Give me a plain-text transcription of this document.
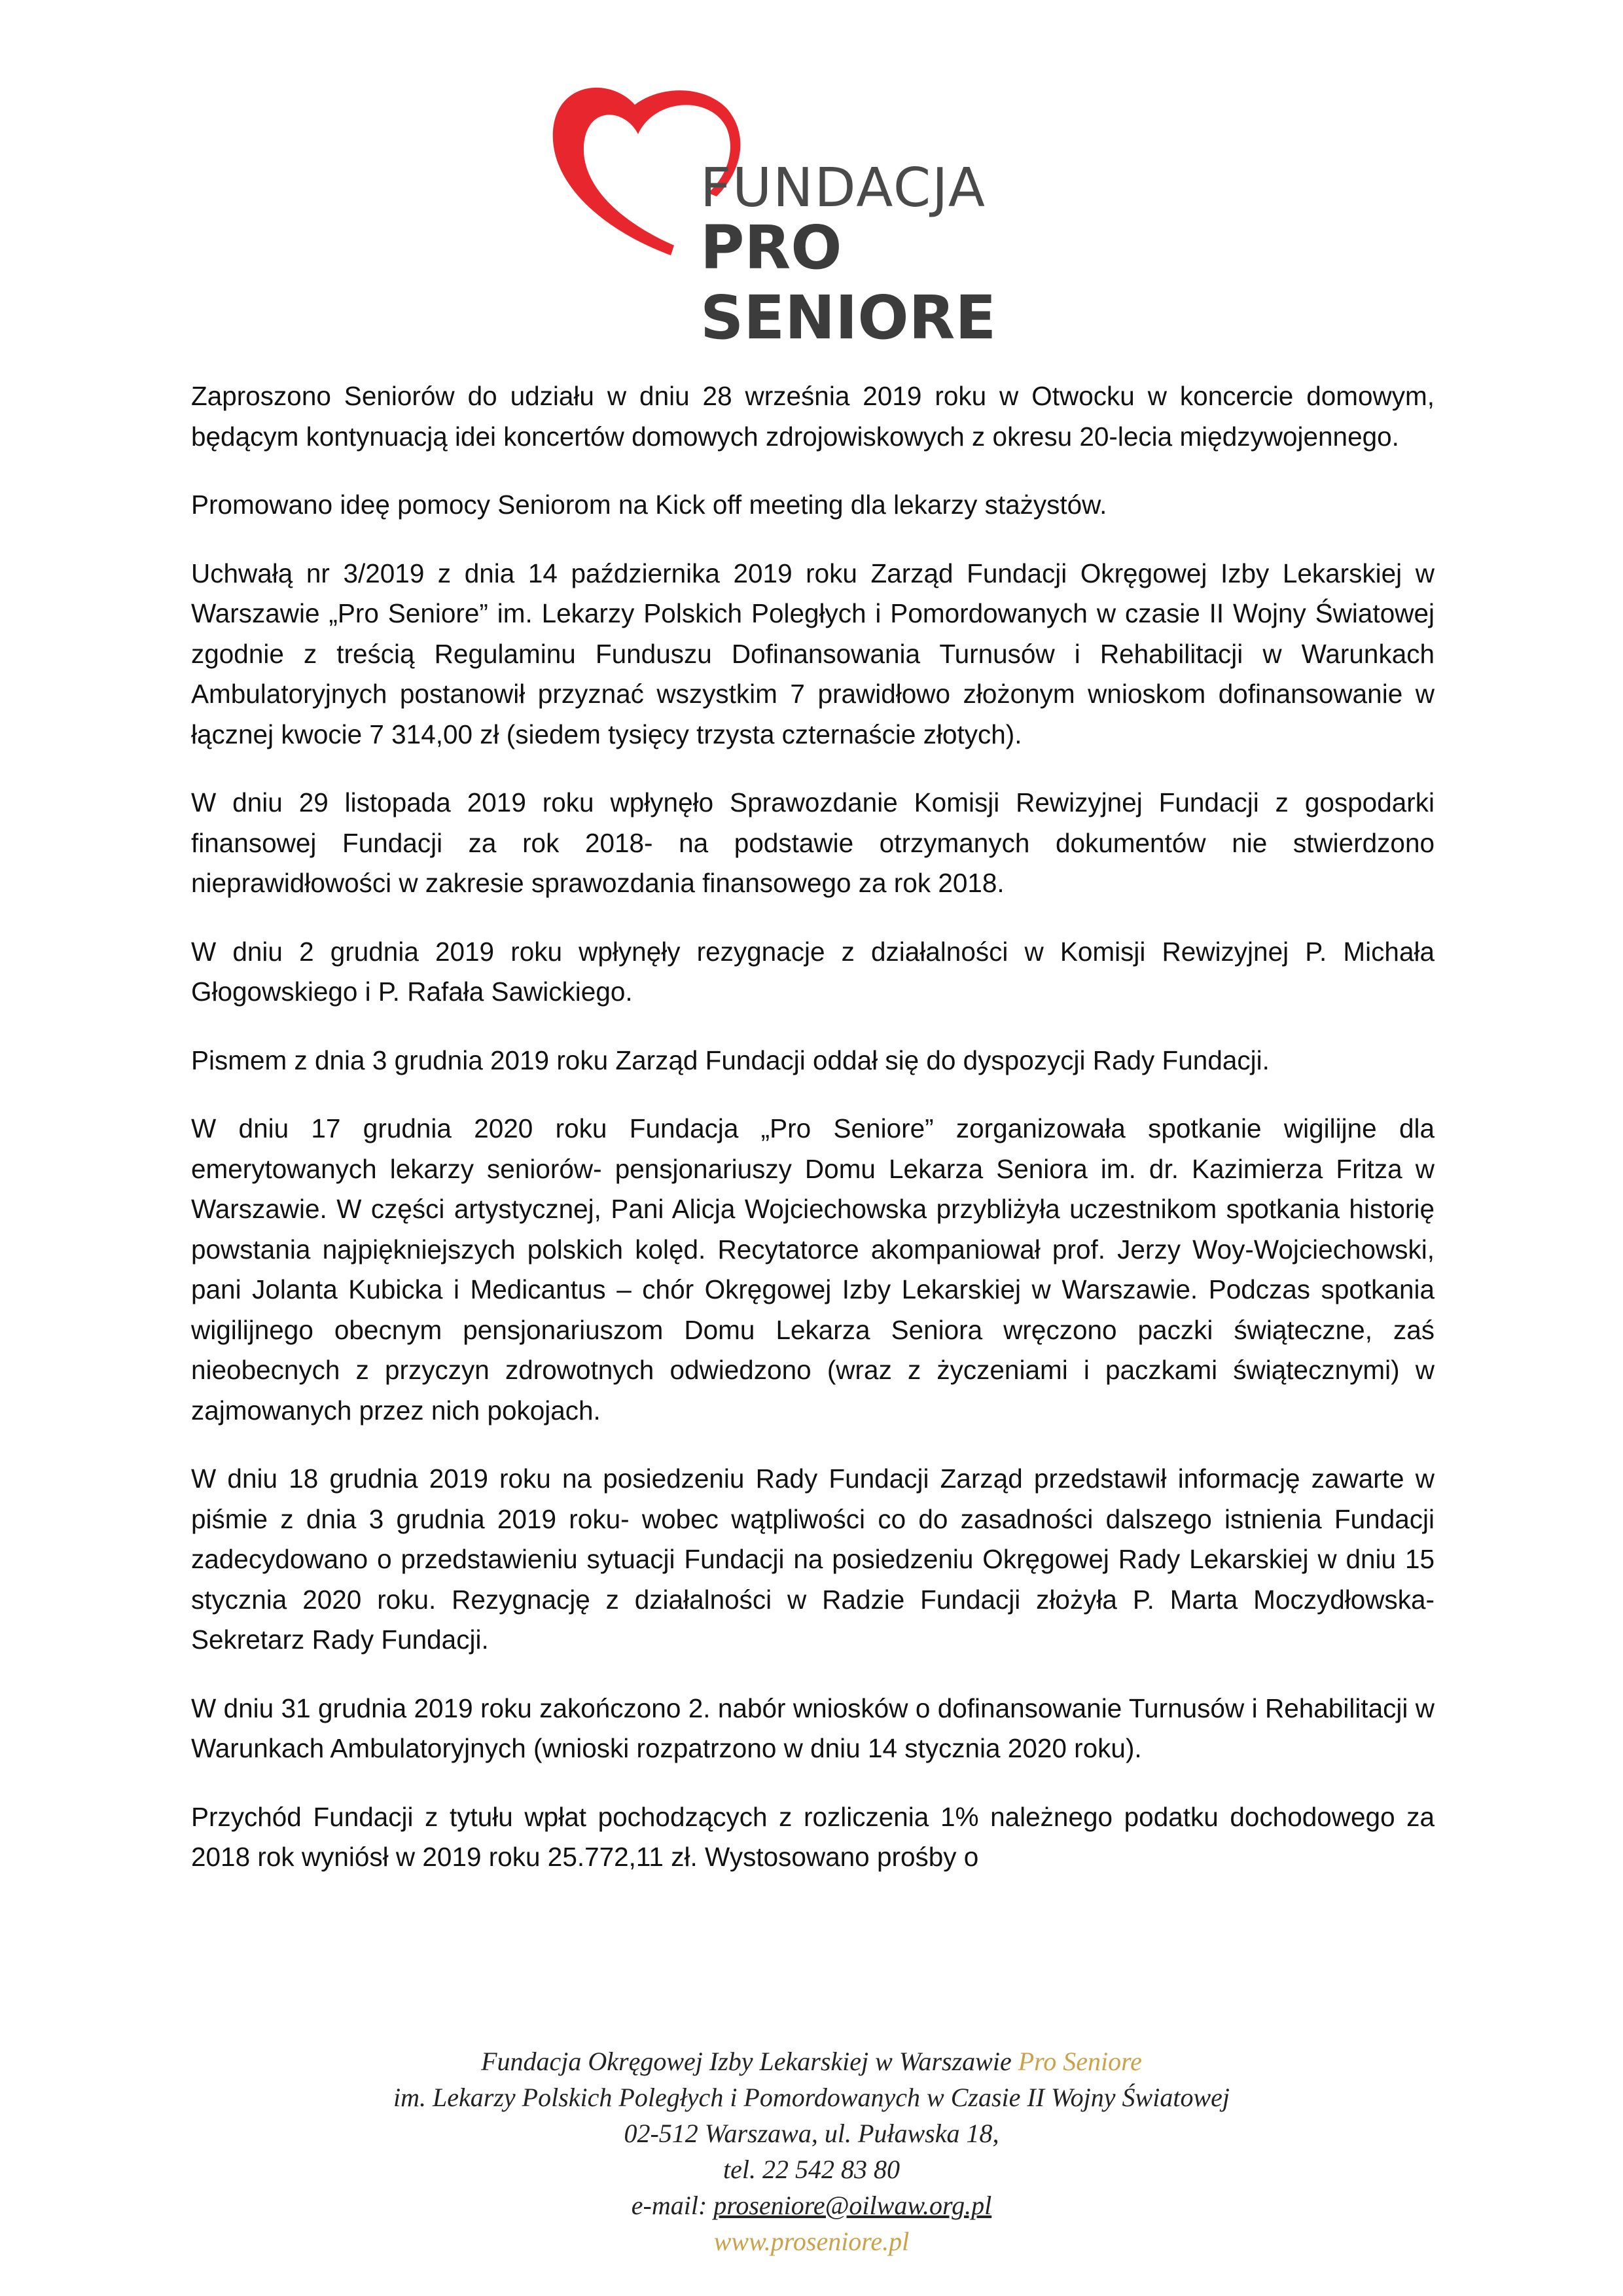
FUNDACJA
PRO SENIORE

Zaproszono Seniorów do udziału w dniu 28 września 2019 roku w Otwocku w koncercie domowym, będącym kontynuacją idei koncertów domowych zdrojowiskowych z okresu 20-lecia międzywojennego.

Promowano ideę pomocy Seniorom na Kick off meeting dla lekarzy stażystów.

Uchwałą nr 3/2019 z dnia 14 października 2019 roku Zarząd Fundacji Okręgowej Izby Lekarskiej w Warszawie „Pro Seniore” im. Lekarzy Polskich Poległych i Pomordowanych w czasie II Wojny Światowej zgodnie z treścią Regulaminu Funduszu Dofinansowania Turnusów i Rehabilitacji w Warunkach Ambulatoryjnych postanowił przyznać wszystkim 7 prawidłowo złożonym wnioskom dofinansowanie w łącznej kwocie 7 314,00 zł (siedem tysięcy trzysta czternaście złotych).

W dniu 29 listopada 2019 roku wpłynęło Sprawozdanie Komisji Rewizyjnej Fundacji z gospodarki finansowej Fundacji za rok 2018- na podstawie otrzymanych dokumentów nie stwierdzono nieprawidłowości w zakresie sprawozdania finansowego za rok 2018.

W dniu 2 grudnia 2019 roku wpłynęły rezygnacje z działalności w Komisji Rewizyjnej P. Michała Głogowskiego i P. Rafała Sawickiego.

Pismem z dnia 3 grudnia 2019 roku Zarząd Fundacji oddał się do dyspozycji Rady Fundacji.

W dniu 17 grudnia 2020 roku Fundacja „Pro Seniore” zorganizowała spotkanie wigilijne dla emerytowanych lekarzy seniorów- pensjonariuszy Domu Lekarza Seniora im. dr. Kazimierza Fritza w Warszawie. W części artystycznej, Pani Alicja Wojciechowska przybliżyła uczestnikom spotkania historię powstania najpiękniejszych polskich kolęd. Recytatorce akompaniował prof. Jerzy Woy-Wojciechowski, pani Jolanta Kubicka i Medicantus – chór Okręgowej Izby Lekarskiej w Warszawie. Podczas spotkania wigilijnego obecnym pensjonariuszom Domu Lekarza Seniora wręczono paczki świąteczne, zaś nieobecnych z przyczyn zdrowotnych odwiedzono (wraz z życzeniami i paczkami świątecznymi) w zajmowanych przez nich pokojach.

W dniu 18 grudnia 2019 roku na posiedzeniu Rady Fundacji Zarząd przedstawił informację zawarte w piśmie z dnia 3 grudnia 2019 roku- wobec wątpliwości co do zasadności dalszego istnienia Fundacji zadecydowano o przedstawieniu sytuacji Fundacji na posiedzeniu Okręgowej Rady Lekarskiej w dniu 15 stycznia 2020 roku. Rezygnację z działalności w Radzie Fundacji złożyła P. Marta Moczydłowska- Sekretarz Rady Fundacji.

W dniu 31 grudnia 2019 roku zakończono 2. nabór wniosków o dofinansowanie Turnusów i Rehabilitacji w Warunkach Ambulatoryjnych (wnioski rozpatrzono w dniu 14 stycznia 2020 roku).

Przychód Fundacji z tytułu wpłat pochodzących z rozliczenia 1% należnego podatku dochodowego za 2018 rok wyniósł w 2019 roku 25.772,11 zł. Wystosowano prośby o

Fundacja Okręgowej Izby Lekarskiej w Warszawie Pro Seniore
im. Lekarzy Polskich Poległych i Pomordowanych w Czasie II Wojny Światowej
02-512 Warszawa, ul. Puławska 18,
tel. 22 542 83 80
e-mail: proseniore@oilwaw.org.pl
www.proseniore.pl
